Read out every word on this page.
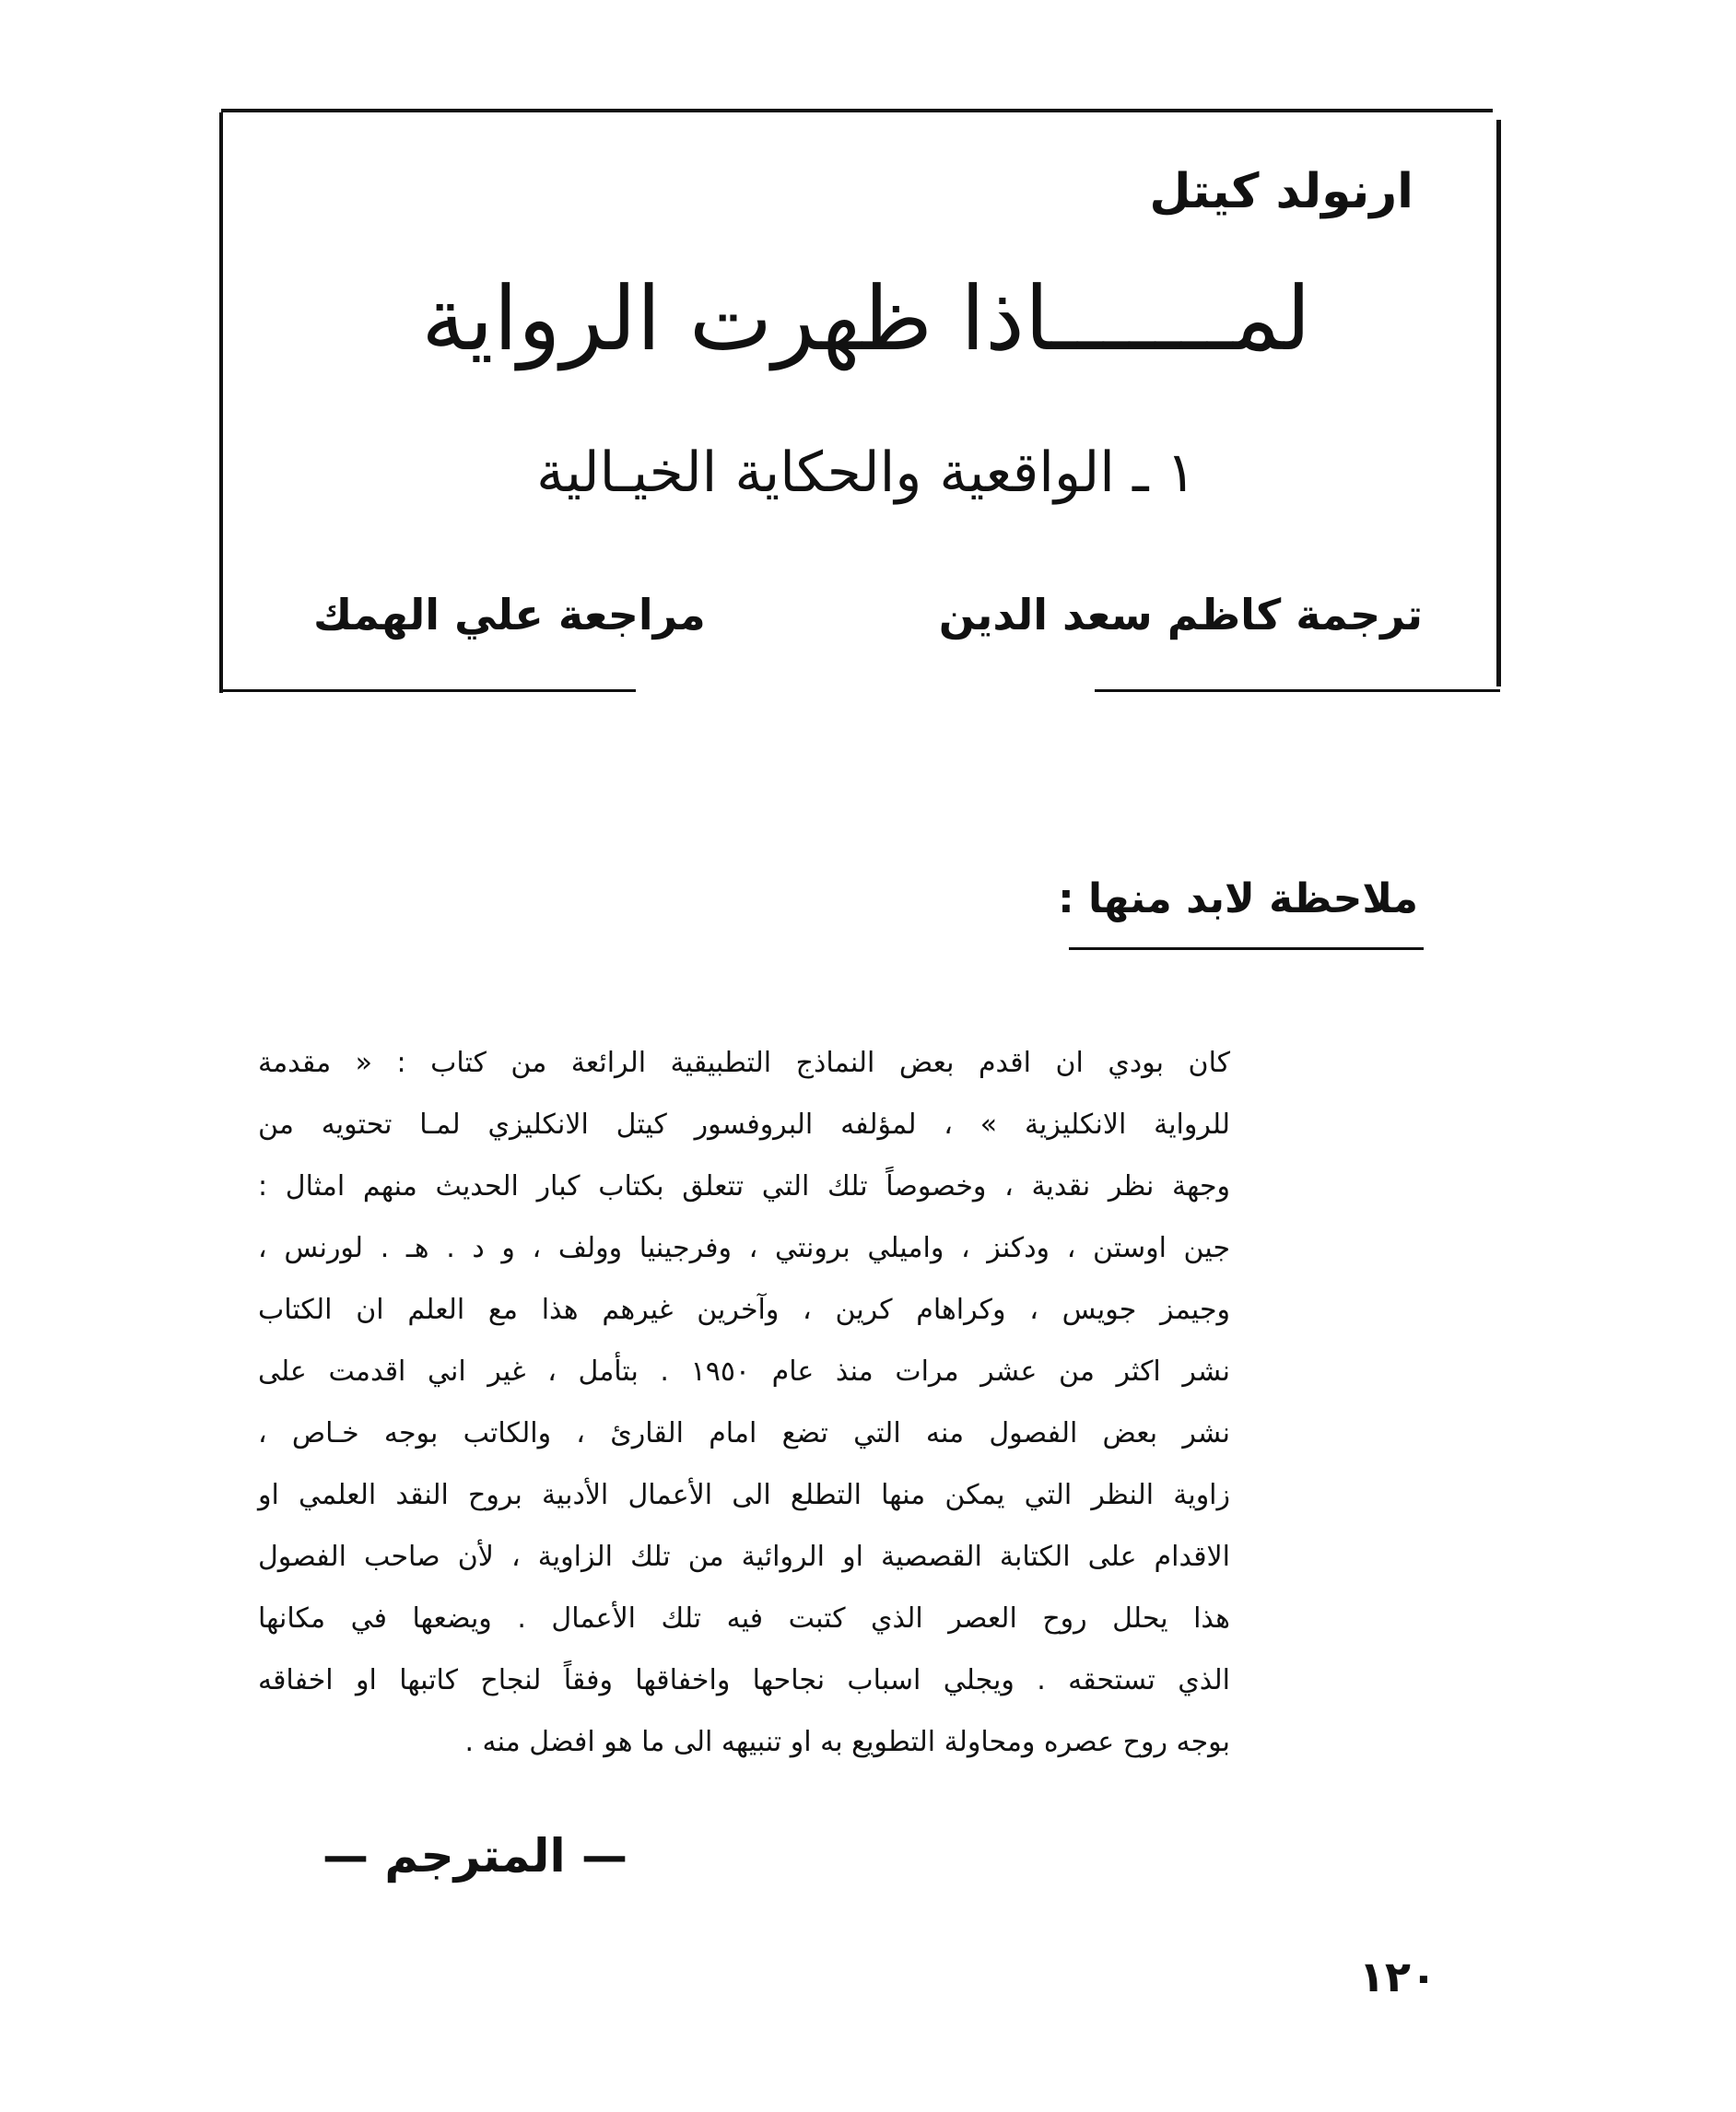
ارنولد كيتل
لمـــــــاذا ظهرت الرواية
١ ـ الواقعية والحكاية الخيـالية
ترجمة كاظم سعد الدين
مراجعة علي الهمك
ملاحظة لابد منها :
كان بودي ان اقدم بعض النماذج التطبيقية الرائعة من كتاب : « مقدمة
للرواية الانكليزية » ، لمؤلفه البروفسور كيتل الانكليزي لمـا تحتويه من
وجهة نظر نقدية ، وخصوصاً تلك التي تتعلق بكتاب كبار الحديث منهم امثال :
جين اوستن ، ودكنز ، واميلي برونتي ، وفرجينيا وولف ، و د . هـ . لورنس ،
وجيمز جويس ، وكراهام كرين ، وآخرين غيرهم هذا مع العلم ان الكتاب
نشر اكثر من عشر مرات منذ عام ١٩٥٠ . بتأمل ، غير اني اقدمت على
نشر بعض الفصول منه التي تضع امام القارئ ، والكاتب بوجه خـاص ،
زاوية النظر التي يمكن منها التطلع الى الأعمال الأدبية بروح النقد العلمي او
الاقدام على الكتابة القصصية او الروائية من تلك الزاوية ، لأن صاحب الفصول
هذا يحلل روح العصر الذي كتبت فيه تلك الأعمال . ويضعها في مكانها
الذي تستحقه . ويجلي اسباب نجاحها واخفاقها وفقاً لنجاح كاتبها او اخفاقه
بوجه روح عصره ومحاولة التطويع به او تنبيهه الى ما هو افضل منه .
— المترجم —
١٢٠
